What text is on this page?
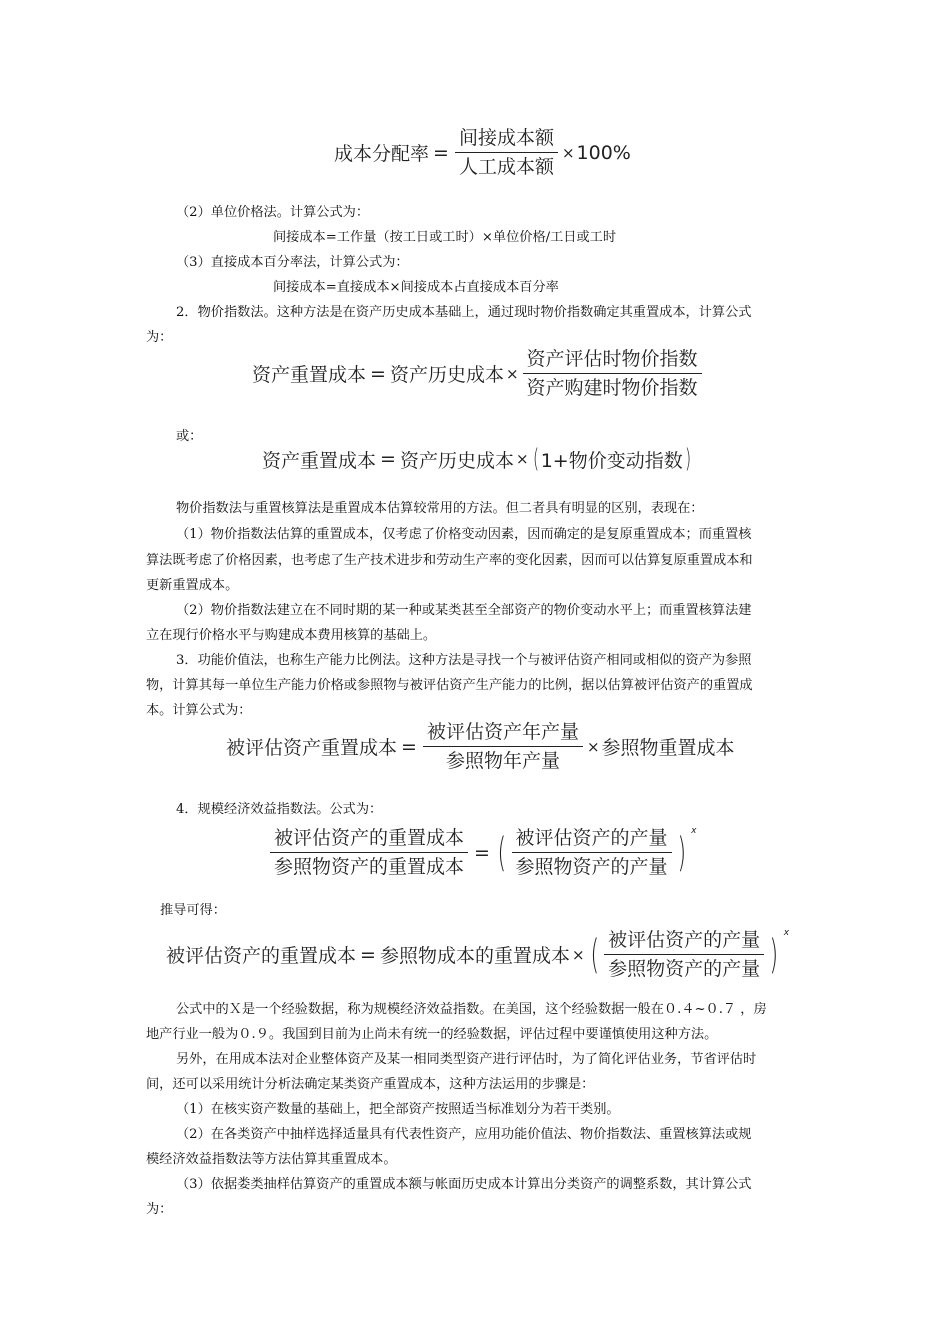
成本分配率 = $\frac{\text{间接成本额}}{\text{人工成本额}} \times 100\%$
（2）单位价格法。计算公式为：
间接成本=工作量（按工日或工时）×单位价格/工日或工时
（3）直接成本百分率法，计算公式为：
间接成本=直接成本×间接成本占直接成本百分率
2．物价指数法。这种方法是在资产历史成本基础上，通过现时物价指数确定其重置成本，计算公式
为：
资产重置成本 = 资产历史成本 × $\frac{\text{资产评估时物价指数}}{\text{资产购建时物价指数}}$
或：
资产重置成本 = 资产历史成本 × ( 1+物价变动指数 )
物价指数法与重置核算法是重置成本估算较常用的方法。但二者具有明显的区别，表现在：
（1）物价指数法估算的重置成本，仅考虑了价格变动因素，因而确定的是复原重置成本；而重置核
算法既考虑了价格因素，也考虑了生产技术进步和劳动生产率的变化因素，因而可以估算复原重置成本和
更新重置成本。
（2）物价指数法建立在不同时期的某一种或某类甚至全部资产的物价变动水平上；而重置核算法建
立在现行价格水平与购建成本费用核算的基础上。
3．功能价值法，也称生产能力比例法。这种方法是寻找一个与被评估资产相同或相似的资产为参照
物，计算其每一单位生产能力价格或参照物与被评估资产生产能力的比例，据以估算被评估资产的重置成
本。计算公式为：
被评估资产重置成本 = $\frac{\text{被评估资产年产量}}{\text{参照物年产量}}$ × 参照物重置成本
4．规模经济效益指数法。公式为：
$\frac{\text{被评估资产的重置成本}}{\text{参照物资产的重置成本}}$ = ( $\frac{\text{被评估资产的产量}}{\text{参照物资产的产量}}$ ) $^x$
推导可得：
被评估资产的重置成本 = 参照物成本的重置成本 × ( $\frac{\text{被评估资产的产量}}{\text{参照物资产的产量}}$ ) $^x$
公式中的Ｘ是一个经验数据，称为规模经济效益指数。在美国，这个经验数据一般在０.４~０.７ ，房
地产行业一般为０.９。我国到目前为止尚未有统一的经验数据，评估过程中要谨慎使用这种方法。
另外，在用成本法对企业整体资产及某一相同类型资产进行评估时，为了简化评估业务，节省评估时
间，还可以采用统计分析法确定某类资产重置成本，这种方法运用的步骤是：
（1）在核实资产数量的基础上，把全部资产按照适当标准划分为若干类别。
（2）在各类资产中抽样选择适量具有代表性资产，应用功能价值法、物价指数法、重置核算法或规
模经济效益指数法等方法估算其重置成本。
（3）依据娄类抽样估算资产的重置成本额与帐面历史成本计算出分类资产的调整系数，其计算公式
为：
